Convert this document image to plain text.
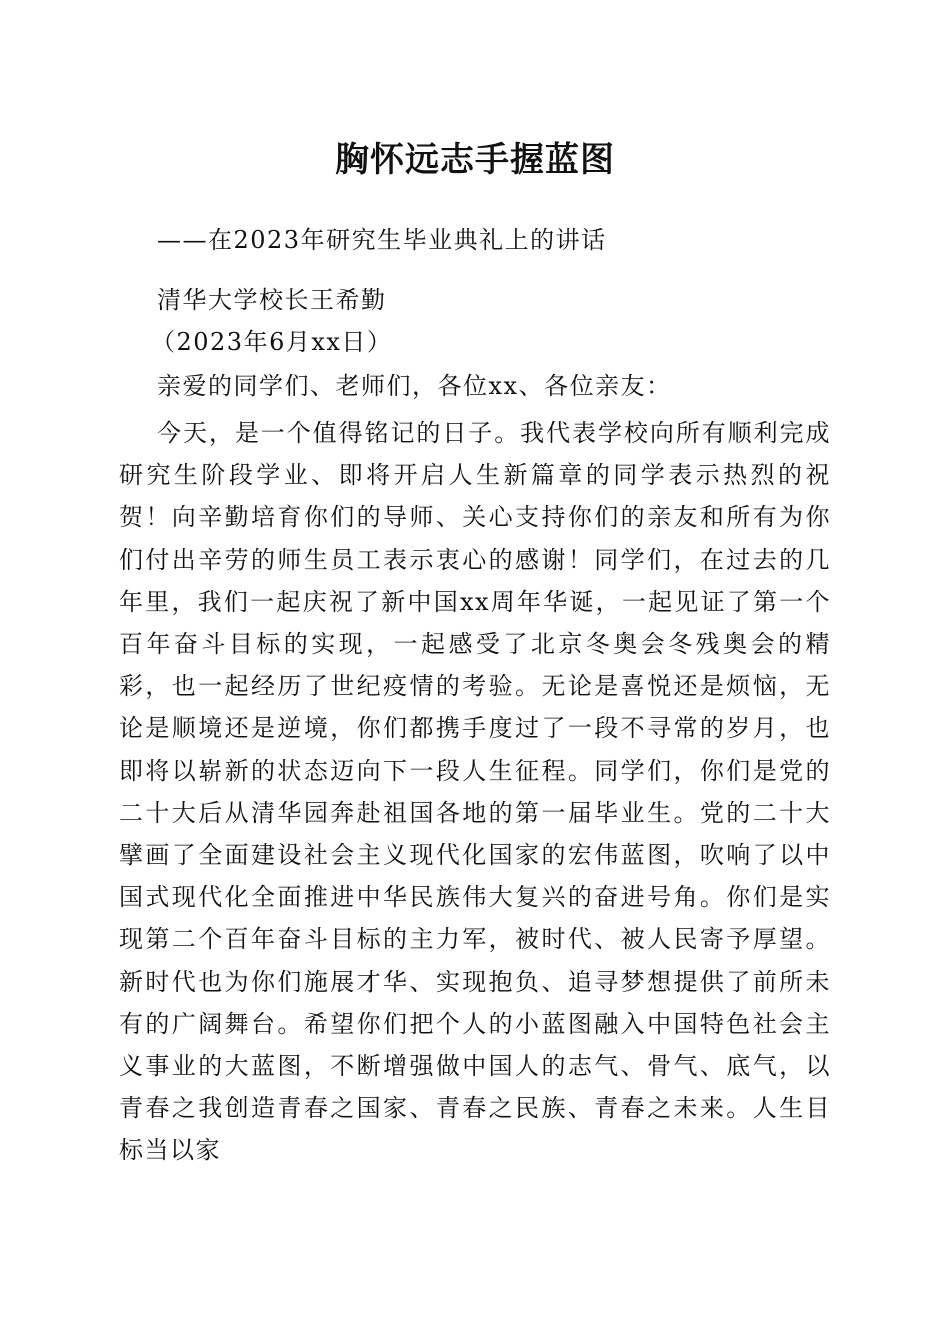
胸怀远志手握蓝图
——在2023年研究生毕业典礼上的讲话
清华大学校长王希勤
（2023年6月xx日）
亲爱的同学们、老师们，各位xx、各位亲友：

今天，是一个值得铭记的日子。我代表学校向所有顺利完成研究生阶段学业、即将开启人生新篇章的同学表示热烈的祝贺！向辛勤培育你们的导师、关心支持你们的亲友和所有为你们付出辛劳的师生员工表示衷心的感谢！同学们，在过去的几年里，我们一起庆祝了新中国xx周年华诞，一起见证了第一个百年奋斗目标的实现，一起感受了北京冬奥会冬残奥会的精彩，也一起经历了世纪疫情的考验。无论是喜悦还是烦恼，无论是顺境还是逆境，你们都携手度过了一段不寻常的岁月，也即将以崭新的状态迈向下一段人生征程。同学们，你们是党的二十大后从清华园奔赴祖国各地的第一届毕业生。党的二十大擘画了全面建设社会主义现代化国家的宏伟蓝图，吹响了以中国式现代化全面推进中华民族伟大复兴的奋进号角。你们是实现第二个百年奋斗目标的主力军，被时代、被人民寄予厚望。新时代也为你们施展才华、实现抱负、追寻梦想提供了前所未有的广阔舞台。希望你们把个人的小蓝图融入中国特色社会主义事业的大蓝图，不断增强做中国人的志气、骨气、底气，以青春之我创造青春之国家、青春之民族、青春之未来。人生目标当以家
